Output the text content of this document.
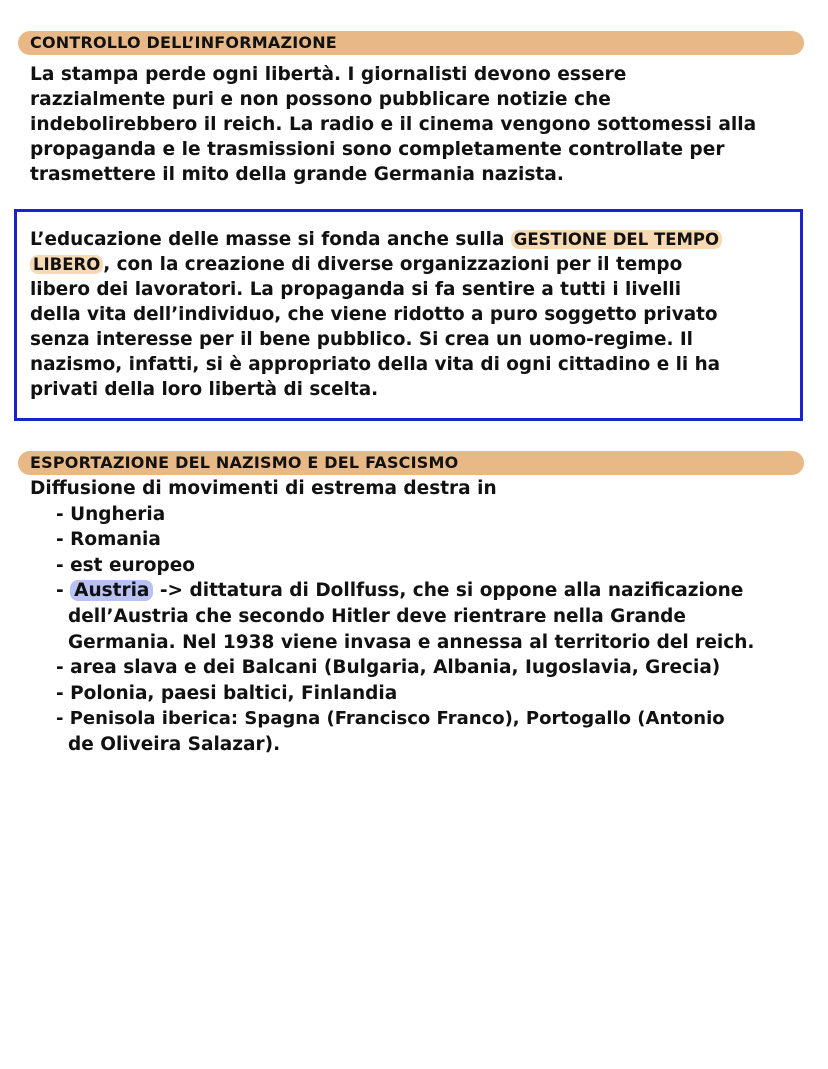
CONTROLLO DELL’INFORMAZIONE
La stampa perde ogni libertà. I giornalisti devono essere
razzialmente puri e non possono pubblicare notizie che
indebolirebbero il reich. La radio e il cinema vengono sottomessi alla
propaganda e le trasmissioni sono completamente controllate per
trasmettere il mito della grande Germania nazista.
L’educazione delle masse si fonda anche sulla GESTIONE DEL TEMPO
LIBERO , con la creazione di diverse organizzazioni per il tempo
libero dei lavoratori. La propaganda si fa sentire a tutti i livelli
della vita dell’individuo, che viene ridotto a puro soggetto privato
senza interesse per il bene pubblico. Si crea un uomo-regime. Il
nazismo, infatti, si è appropriato della vita di ogni cittadino e li ha
privati della loro libertà di scelta.
ESPORTAZIONE DEL NAZISMO E DEL FASCISMO
Diffusione di movimenti di estrema destra in
- Ungheria
- Romania
- est europeo
- Austria -> dittatura di Dollfuss, che si oppone alla nazificazione
dell’Austria che secondo Hitler deve rientrare nella Grande
Germania. Nel 1938 viene invasa e annessa al territorio del reich.
- area slava e dei Balcani (Bulgaria, Albania, Iugoslavia, Grecia)
- Polonia, paesi baltici, Finlandia
- Penisola iberica: Spagna (Francisco Franco), Portogallo (Antonio
de Oliveira Salazar).
